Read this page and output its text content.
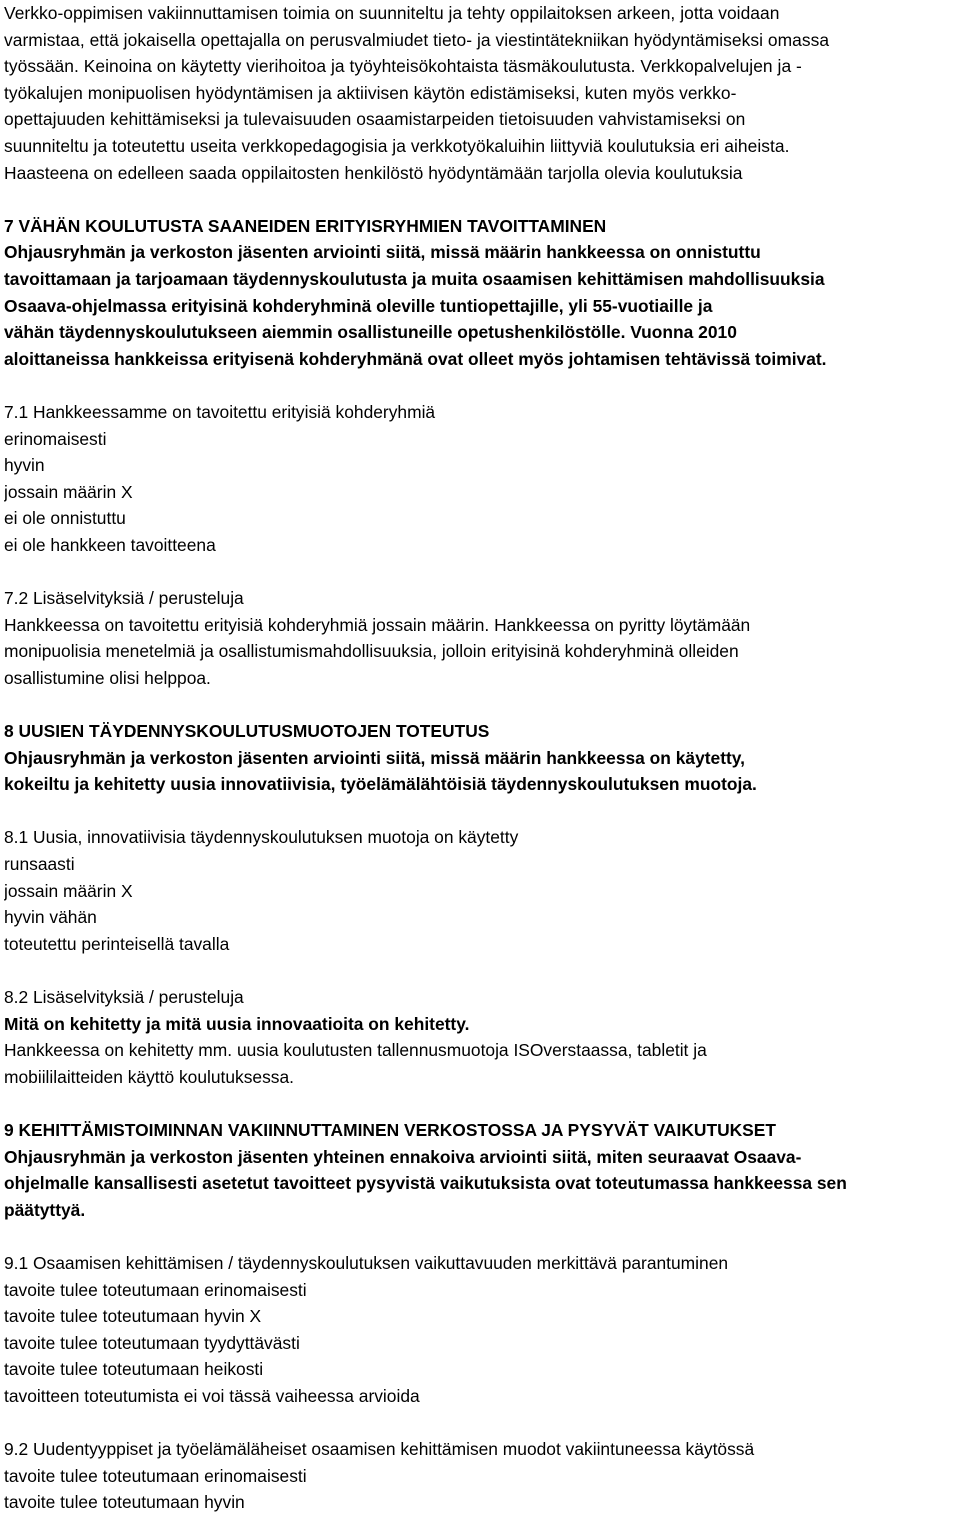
Verkko-oppimisen vakiinnuttamisen toimia on suunniteltu ja tehty oppilaitoksen arkeen, jotta voidaan
varmistaa, että jokaisella opettajalla on perusvalmiudet tieto- ja viestintätekniikan hyödyntämiseksi omassa
työssään. Keinoina on käytetty vierihoitoa ja työyhteisökohtaista täsmäkoulutusta. Verkkopalvelujen ja -
työkalujen monipuolisen hyödyntämisen ja aktiivisen käytön edistämiseksi, kuten myös verkko-
opettajuuden kehittämiseksi ja tulevaisuuden osaamistarpeiden tietoisuuden vahvistamiseksi on
suunniteltu ja toteutettu useita verkkopedagogisia ja verkkotyökaluihin liittyviä koulutuksia eri aiheista.
Haasteena on edelleen saada oppilaitosten henkilöstö hyödyntämään tarjolla olevia koulutuksia
7 VÄHÄN KOULUTUSTA SAANEIDEN ERITYISRYHMIEN TAVOITTAMINEN
Ohjausryhmän ja verkoston jäsenten arviointi siitä, missä määrin hankkeessa on onnistuttu
tavoittamaan ja tarjoamaan täydennyskoulutusta ja muita osaamisen kehittämisen mahdollisuuksia
Osaava-ohjelmassa erityisinä kohderyhminä oleville tuntiopettajille, yli 55-vuotiaille ja
vähän täydennyskoulutukseen aiemmin osallistuneille opetushenkilöstölle. Vuonna 2010
aloittaneissa hankkeissa erityisenä kohderyhmänä ovat olleet myös johtamisen tehtävissä toimivat.
7.1 Hankkeessamme on tavoitettu erityisiä kohderyhmiä
erinomaisesti
hyvin
jossain määrin X
ei ole onnistuttu
ei ole hankkeen tavoitteena
7.2 Lisäselvityksiä / perusteluja
Hankkeessa on tavoitettu erityisiä kohderyhmiä jossain määrin. Hankkeessa on pyritty löytämään
monipuolisia menetelmiä ja osallistumismahdollisuuksia, jolloin erityisinä kohderyhminä olleiden
osallistumine olisi helppoa.
8 UUSIEN TÄYDENNYSKOULUTUSMUOTOJEN TOTEUTUS
Ohjausryhmän ja verkoston jäsenten arviointi siitä, missä määrin hankkeessa on käytetty,
kokeiltu ja kehitetty uusia innovatiivisia, työelämälähtöisiä täydennyskoulutuksen muotoja.
8.1 Uusia, innovatiivisia täydennyskoulutuksen muotoja on käytetty
runsaasti
jossain määrin X
hyvin vähän
toteutettu perinteisellä tavalla
8.2 Lisäselvityksiä / perusteluja
Mitä on kehitetty ja mitä uusia innovaatioita on kehitetty.
Hankkeessa on kehitetty mm. uusia koulutusten tallennusmuotoja ISOverstaassa, tabletit ja
mobiililaitteiden käyttö koulutuksessa.
9 KEHITTÄMISTOIMINNAN VAKIINNUTTAMINEN VERKOSTOSSA JA PYSYVÄT VAIKUTUKSET
Ohjausryhmän ja verkoston jäsenten yhteinen ennakoiva arviointi siitä, miten seuraavat Osaava-
ohjelmalle kansallisesti asetetut tavoitteet pysyvistä vaikutuksista ovat toteutumassa hankkeessa sen
päätyttyä.
9.1 Osaamisen kehittämisen / täydennyskoulutuksen vaikuttavuuden merkittävä parantuminen
tavoite tulee toteutumaan erinomaisesti
tavoite tulee toteutumaan hyvin X
tavoite tulee toteutumaan tyydyttävästi
tavoite tulee toteutumaan heikosti
tavoitteen toteutumista ei voi tässä vaiheessa arvioida
9.2 Uudentyyppiset ja työelämäläheiset osaamisen kehittämisen muodot vakiintuneessa käytössä
tavoite tulee toteutumaan erinomaisesti
tavoite tulee toteutumaan hyvin
